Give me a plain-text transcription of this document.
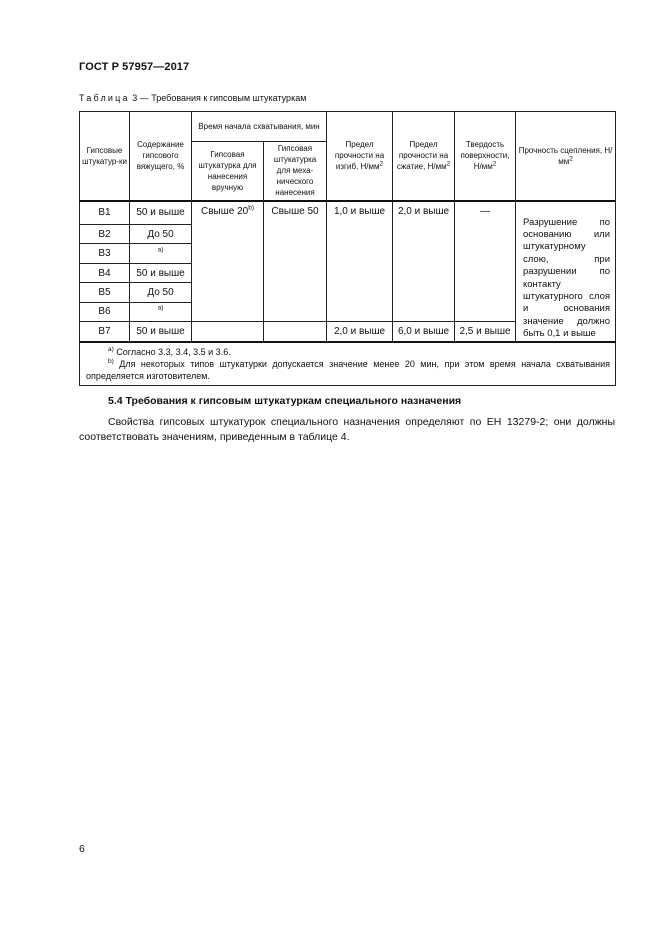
ГОСТ Р 57957—2017
Таблица 3 — Требования к гипсовым штукатуркам
Гипсовые штукатур-ки	Содержание гипсового вяжущего, %	Время начала схватывания, мин		Предел прочности на изгиб, $Н/мм^2$	Предел прочности на сжатие, $Н/мм^2$	Твердость поверхности, $Н/мм^2$	Прочность сцепления, $Н/мм^2$
		Гипсовая штукатурка для нанесения вручную	Гипсовая штукатурка для меха-нического нанесения				
В1	50 и выше	Свыше 20$^{b)}$	Свыше 50	1,0 и выше	2,0 и выше	—	Разрушение по основанию или штукатурному слою, при разрушении по контакту штукатурного слоя и основания значение должно быть 0,1 и выше
В2	До 50						
В3	$^{a)}$
В4	50 и выше						
В5	До 50						
В6	$^{a)}$
В7	50 и выше			2,0 и выше	6,0 и выше	2,5 и выше	

$^{a)}$ Согласно 3.3, 3.4, 3.5 и 3.6.
$^{b)}$ Для некоторых типов штукатурки допускается значение менее 20 мин, при этом время начала схватывания определяется изготовителем.							
5.4 Требования к гипсовым штукатуркам специального назначения
Свойства гипсовых штукатурок специального назначения определяют по ЕН 13279-2; они должны соответствовать значениям, приведенным в таблице 4.
6
